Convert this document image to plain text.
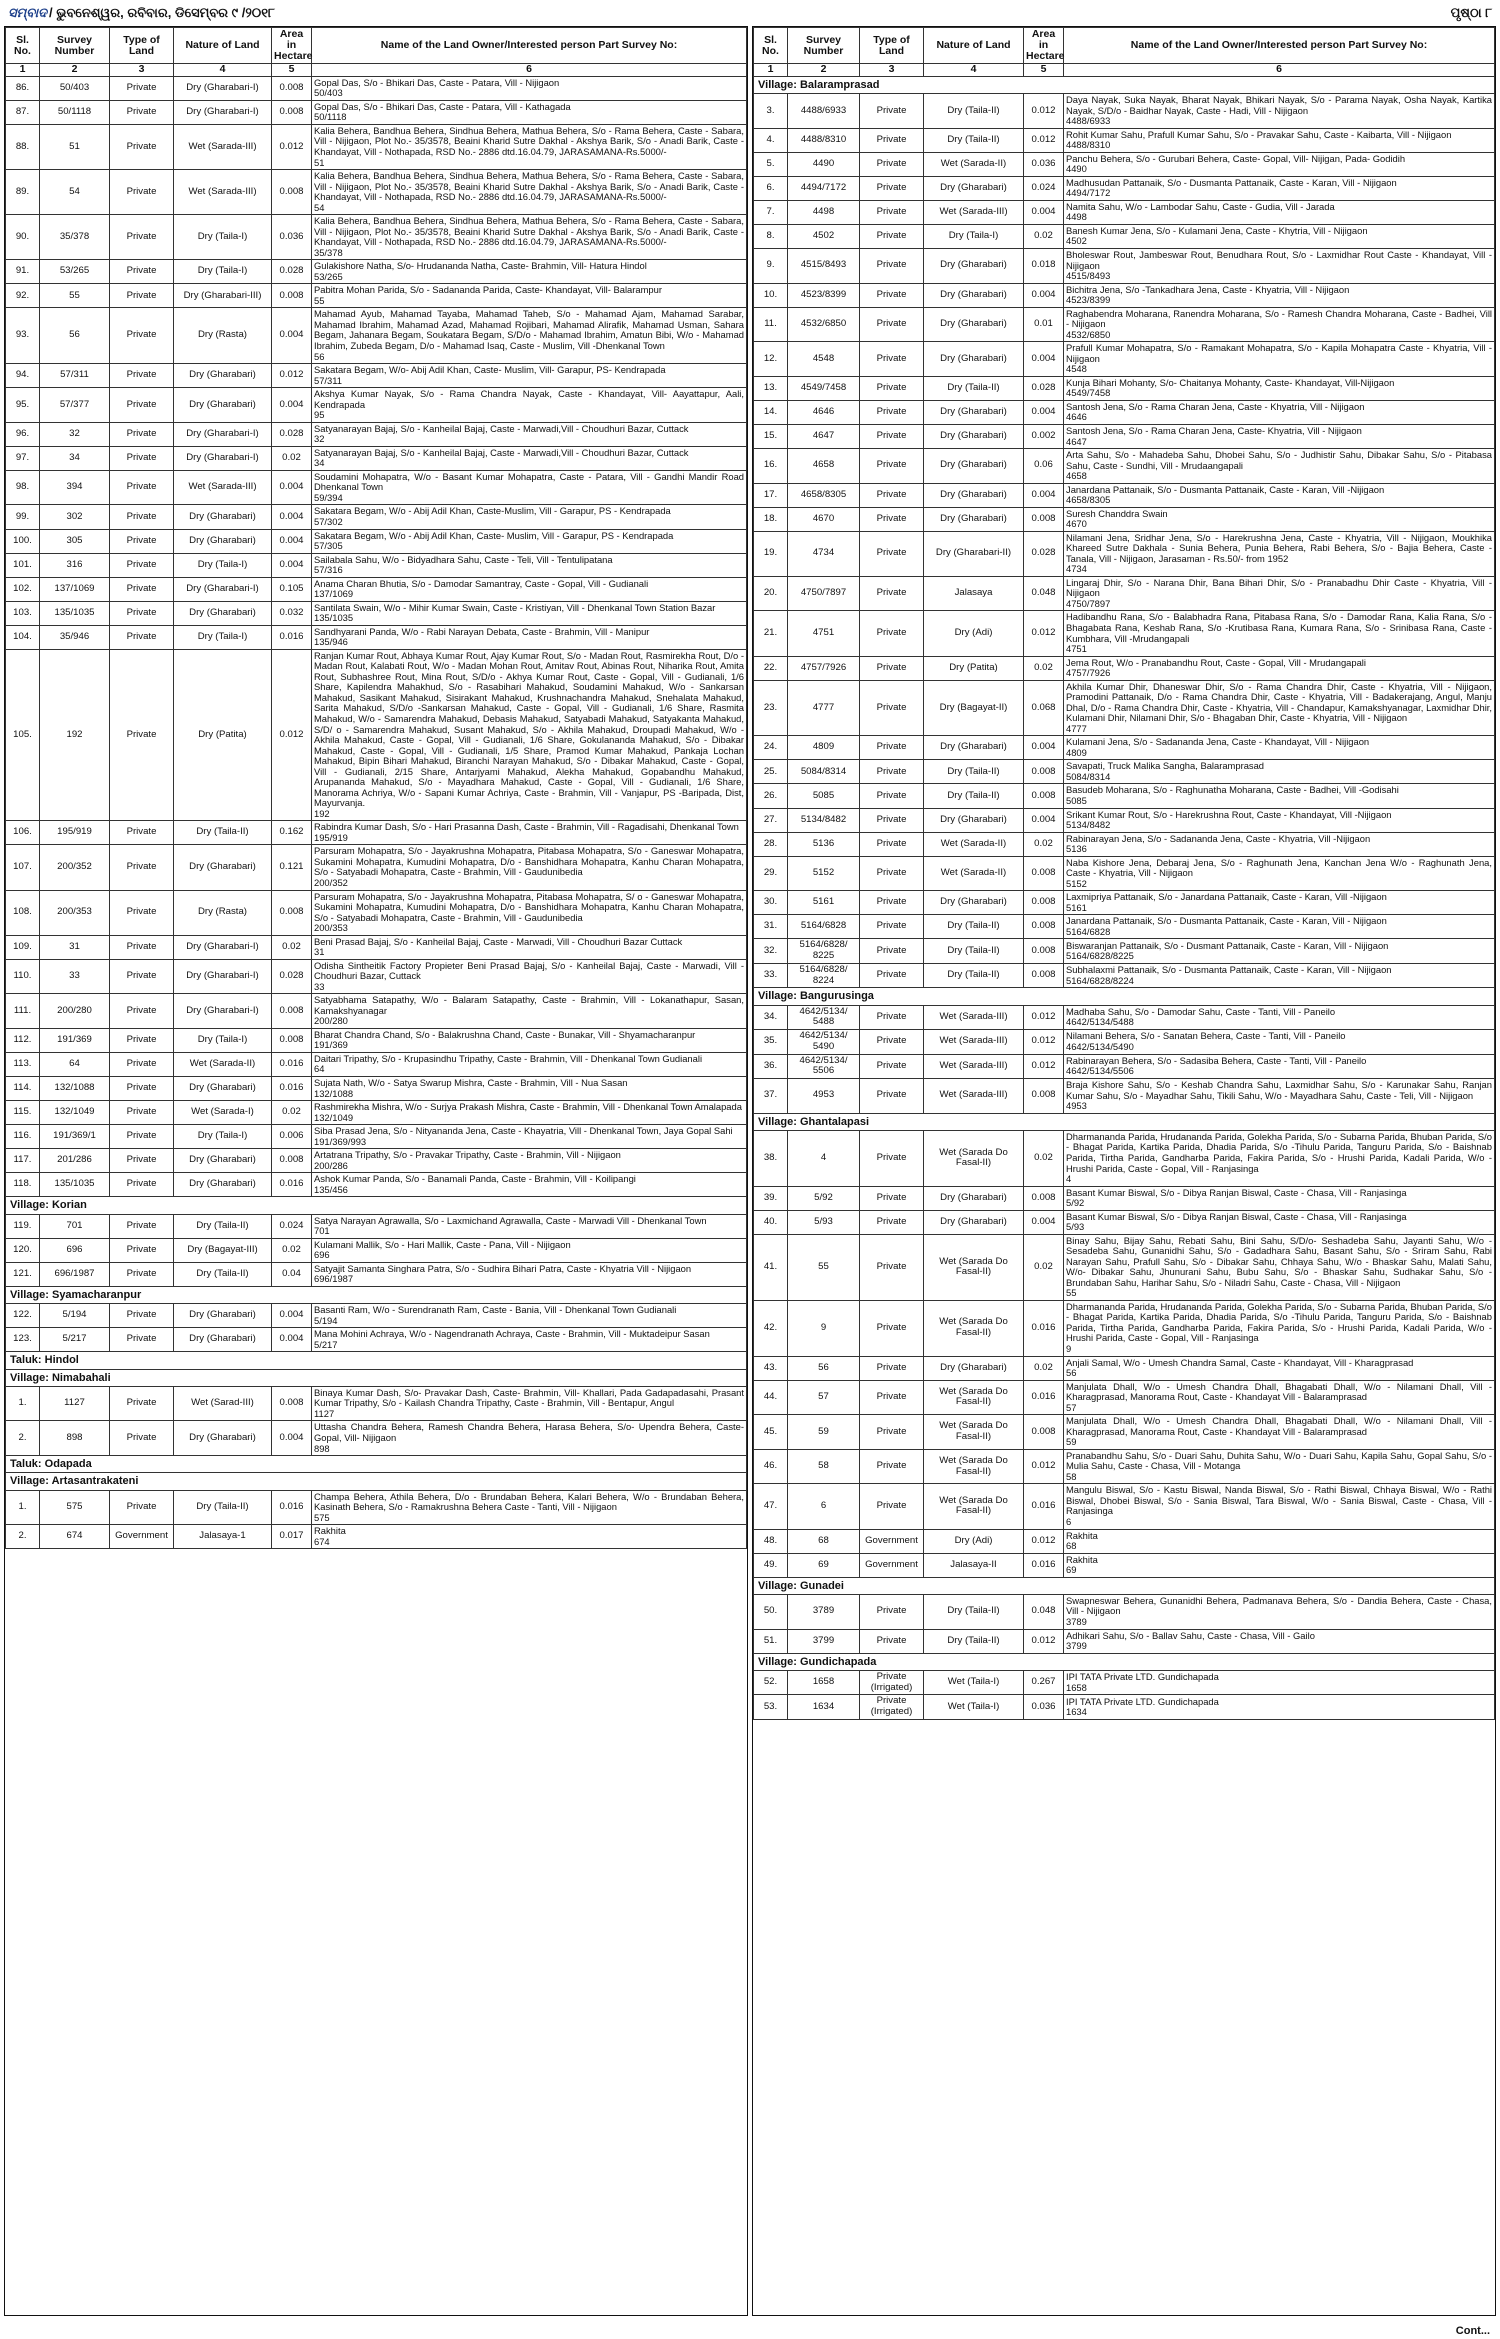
ସମ୍ବାଦ / ଭୁବନେଶ୍ୱର, ରବିବାର, ଡିସେମ୍ବର ୯ /୨୦୧୮	ପୃଷ୍ଠା ୮
Sl. No.	Survey Number	Type of Land	Nature of Land	Area in Hectare	Name of the Land Owner/Interested person Part Survey No:
1	2	3	4	5	6
86.	50/403	Private	Dry (Gharabari-I)	0.008	Gopal Das, S/o - Bhikari Das, Caste - Patara, Vill - Nijigaon
50/403

87.	50/1118	Private	Dry (Gharabari-I)	0.008	Gopal Das, S/o - Bhikari Das, Caste - Patara, Vill - Kathagada
50/1118

88.	51	Private	Wet (Sarada-III)	0.012	Kalia Behera, Bandhua Behera, Sindhua Behera, Mathua Behera, S/o - Rama Behera, Caste - Sabara, Vill - Nijigaon, Plot No.- 35/3578, Beaini Kharid Sutre Dakhal - Akshya Barik, S/o - Anadi Barik, Caste - Khandayat, Vill - Nothapada, RSD No.- 2886 dtd.16.04.79, JARASAMANA-Rs.5000/-
51

89.	54	Private	Wet (Sarada-III)	0.008	Kalia Behera, Bandhua Behera, Sindhua Behera, Mathua Behera, S/o - Rama Behera, Caste - Sabara, Vill - Nijigaon, Plot No.- 35/3578, Beaini Kharid Sutre Dakhal - Akshya Barik, S/o - Anadi Barik, Caste - Khandayat, Vill - Nothapada, RSD No.- 2886 dtd.16.04.79, JARASAMANA-Rs.5000/-
54

90.	35/378	Private	Dry (Taila-I)	0.036	Kalia Behera, Bandhua Behera, Sindhua Behera, Mathua Behera, S/o - Rama Behera, Caste - Sabara, Vill - Nijigaon, Plot No.- 35/3578, Beaini Kharid Sutre Dakhal - Akshya Barik, S/o - Anadi Barik, Caste - Khandayat, Vill - Nothapada, RSD No.- 2886 dtd.16.04.79, JARASAMANA-Rs.5000/-
35/378

91.	53/265	Private	Dry (Taila-I)	0.028	Gulakishore Natha, S/o- Hrudananda Natha, Caste- Brahmin, Vill- Hatura Hindol
53/265

92.	55	Private	Dry (Gharabari-III)	0.008	Pabitra Mohan Parida, S/o - Sadananda Parida, Caste- Khandayat, Vill- Balarampur
55

93.	56	Private	Dry (Rasta)	0.004	Mahamad Ayub, Mahamad Tayaba, Mahamad Taheb, S/o - Mahamad Ajam, Mahamad Sarabar, Mahamad Ibrahim, Mahamad Azad, Mahamad Rojibari, Mahamad Alirafik, Mahamad Usman, Sahara Begam, Jahanara Begam, Soukatara Begam, S/D/o - Mahamad Ibrahim, Amatun Bibi, W/o - Mahamad Ibrahim, Zubeda Begam, D/o - Mahamad Isaq, Caste - Muslim, Vill -Dhenkanal Town
56

94.	57/311	Private	Dry (Gharabari)	0.012	Sakatara Begam, W/o- Abij Adil Khan, Caste- Muslim, Vill- Garapur, PS- Kendrapada
57/311

95.	57/377	Private	Dry (Gharabari)	0.004	Akshya Kumar Nayak, S/o - Rama Chandra Nayak, Caste - Khandayat, Vill- Aayattapur, Aali, Kendrapada
95

96.	32	Private	Dry (Gharabari-I)	0.028	Satyanarayan Bajaj, S/o - Kanheilal Bajaj, Caste - Marwadi,Vill - Choudhuri Bazar, Cuttack
32

97.	34	Private	Dry (Gharabari-I)	0.02	Satyanarayan Bajaj, S/o - Kanheilal Bajaj, Caste - Marwadi,Vill - Choudhuri Bazar, Cuttack
34

98.	394	Private	Wet (Sarada-III)	0.004	Soudamini Mohapatra, W/o - Basant Kumar Mohapatra, Caste - Patara, Vill - Gandhi Mandir Road Dhenkanal Town
59/394

99.	302	Private	Dry (Gharabari)	0.004	Sakatara Begam, W/o - Abij Adil Khan, Caste-Muslim, Vill - Garapur, PS - Kendrapada
57/302

100.	305	Private	Dry (Gharabari)	0.004	Sakatara Begam, W/o - Abij Adil Khan, Caste- Muslim, Vill - Garapur, PS - Kendrapada
57/305

101.	316	Private	Dry (Taila-I)	0.004	Sailabala Sahu, W/o - Bidyadhara Sahu, Caste - Teli, Vill - Tentulipatana
57/316

102.	137/1069	Private	Dry (Gharabari-I)	0.105	Anama Charan Bhutia, S/o - Damodar Samantray, Caste - Gopal, Vill - Gudianali
137/1069

103.	135/1035	Private	Dry (Gharabari)	0.032	Santilata Swain, W/o - Mihir Kumar Swain, Caste - Kristiyan, Vill - Dhenkanal Town Station Bazar
135/1035

104.	35/946	Private	Dry (Taila-I)	0.016	Sandhyarani Panda, W/o - Rabi Narayan Debata, Caste - Brahmin, Vill - Manipur
135/946

105.	192	Private	Dry (Patita)	0.012	Ranjan Kumar Rout, Abhaya Kumar Rout, Ajay Kumar Rout, S/o - Madan Rout, Rasmirekha Rout, D/o - Madan Rout, Kalabati Rout, W/o - Madan Mohan Rout, Amitav Rout, Abinas Rout, Niharika Rout, Amita Rout, Subhashree Rout, Mina Rout, S/D/o - Akhya Kumar Rout, Caste - Gopal, Vill - Gudianali, 1/6 Share, Kapilendra Mahakhud, S/o - Rasabihari Mahakud, Soudamini Mahakud, W/o - Sankarsan Mahakud, Sasikant Mahakud, Sisirakant Mahakud, Krushnachandra Mahakud, Snehalata Mahakud, Sarita Mahakud, S/D/o -Sankarsan Mahakud, Caste - Gopal, Vill - Gudianali, 1/6 Share, Rasmita Mahakud, W/o - Samarendra Mahakud, Debasis Mahakud, Satyabadi Mahakud, Satyakanta Mahakud, S/D/ o - Samarendra Mahakud, Susant Mahakud, S/o - Akhila Mahakud, Droupadi Mahakud, W/o - Akhila Mahakud, Caste - Gopal, Vill - Gudianali, 1/6 Share, Gokulananda Mahakud, S/o - Dibakar Mahakud, Caste - Gopal, Vill - Gudianali, 1/5 Share, Pramod Kumar Mahakud, Pankaja Lochan Mahakud, Bipin Bihari Mahakud, Biranchi Narayan Mahakud, S/o - Dibakar Mahakud, Caste - Gopal, Vill - Gudianali, 2/15 Share, Antarjyami Mahakud, Alekha Mahakud, Gopabandhu Mahakud, Arupananda Mahakud, S/o - Mayadhara Mahakud, Caste - Gopal, Vill - Gudianali, 1/6 Share, Manorama Achriya, W/o - Sapani Kumar Achriya, Caste - Brahmin, Vill - Vanjapur, PS -Baripada, Dist, Mayurvanja.
192

106.	195/919	Private	Dry (Taila-II)	0.162	Rabindra Kumar Dash, S/o - Hari Prasanna Dash, Caste - Brahmin, Vill - Ragadisahi, Dhenkanal Town
195/919

107.	200/352	Private	Dry (Gharabari)	0.121	Parsuram Mohapatra, S/o - Jayakrushna Mohapatra, Pitabasa Mohapatra, S/o - Ganeswar Mohapatra, Sukamini Mohapatra, Kumudini Mohapatra, D/o - Banshidhara Mohapatra, Kanhu Charan Mohapatra, S/o - Satyabadi Mohapatra, Caste - Brahmin, Vill - Gaudunibedia
200/352

108.	200/353	Private	Dry (Rasta)	0.008	Parsuram Mohapatra, S/o - Jayakrushna Mohapatra, Pitabasa Mohapatra, S/ o - Ganeswar Mohapatra, Sukamini Mohapatra, Kumudini Mohapatra, D/o - Banshidhara Mohapatra, Kanhu Charan Mohapatra, S/o - Satyabadi Mohapatra, Caste - Brahmin, Vill - Gaudunibedia
200/353

109.	31	Private	Dry (Gharabari-I)	0.02	Beni Prasad Bajaj, S/o - Kanheilal Bajaj, Caste - Marwadi, Vill - Choudhuri Bazar Cuttack
31

110.	33	Private	Dry (Gharabari-I)	0.028	Odisha Sintheitik Factory Propieter Beni Prasad Bajaj, S/o - Kanheilal Bajaj, Caste - Marwadi, Vill - Choudhuri Bazar, Cuttack
33

111.	200/280	Private	Dry (Gharabari-I)	0.008	Satyabhama Satapathy, W/o - Balaram Satapathy, Caste - Brahmin, Vill - Lokanathapur, Sasan, Kamakshyanagar
200/280

112.	191/369	Private	Dry (Taila-I)	0.008	Bharat Chandra Chand, S/o - Balakrushna Chand, Caste - Bunakar, Vill - Shyamacharanpur
191/369

113.	64	Private	Wet (Sarada-II)	0.016	Daitari Tripathy, S/o - Krupasindhu Tripathy, Caste - Brahmin, Vill - Dhenkanal Town Gudianali
64

114.	132/1088	Private	Dry (Gharabari)	0.016	Sujata Nath, W/o - Satya Swarup Mishra, Caste - Brahmin, Vill - Nua Sasan
132/1088

115.	132/1049	Private	Wet (Sarada-I)	0.02	Rashmirekha Mishra, W/o - Surjya Prakash Mishra, Caste - Brahmin, Vill - Dhenkanal Town Amalapada
132/1049

116.	191/369/1	Private	Dry (Taila-I)	0.006	Siba Prasad Jena, S/o - Nityananda Jena, Caste - Khayatria, Vill - Dhenkanal Town, Jaya Gopal Sahi
191/369/993

117.	201/286	Private	Dry (Gharabari)	0.008	Artatrana Tripathy, S/o - Pravakar Tripathy, Caste - Brahmin, Vill - Nijigaon
200/286

118.	135/1035	Private	Dry (Gharabari)	0.016	Ashok Kumar Panda, S/o - Banamali Panda, Caste - Brahmin, Vill - Koilipangi
135/456

Village: Korian					
119.	701	Private	Dry (Taila-II)	0.024	Satya Narayan Agrawalla, S/o - Laxmichand Agrawalla, Caste - Marwadi Vill - Dhenkanal Town
701

120.	696	Private	Dry (Bagayat-III)	0.02	Kulamani Mallik, S/o - Hari Mallik, Caste - Pana, Vill - Nijigaon
696

121.	696/1987	Private	Dry (Taila-II)	0.04	Satyajit Samanta Singhara Patra, S/o - Sudhira Bihari Patra, Caste - Khyatria Vill - Nijigaon
696/1987

Village: Syamacharanpur					
122.	5/194	Private	Dry (Gharabari)	0.004	Basanti Ram, W/o - Surendranath Ram, Caste - Bania, Vill - Dhenkanal Town Gudianali
5/194

123.	5/217	Private	Dry (Gharabari)	0.004	Mana Mohini Achraya, W/o - Nagendranath Achraya, Caste - Brahmin, Vill - Muktadeipur Sasan
5/217

Taluk: Hindol					
Village: Nimabahali					
1.	1127	Private	Wet (Sarad-III)	0.008	Binaya Kumar Dash, S/o- Pravakar Dash, Caste- Brahmin, Vill- Khallari, Pada Gadapadasahi, Prasant Kumar Tripathy, S/o - Kailash Chandra Tripathy, Caste - Brahmin, Vill - Bentapur, Angul
1127

2.	898	Private	Dry (Gharabari)	0.004	Uttasha Chandra Behera, Ramesh Chandra Behera, Harasa Behera, S/o- Upendra Behera, Caste- Gopal, Vill- Nijigaon
898

Taluk: Odapada					
Village: Artasantrakateni					
1.	575	Private	Dry (Taila-II)	0.016	Champa Behera, Athila Behera, D/o - Brundaban Behera, Kalari Behera, W/o - Brundaban Behera, Kasinath Behera, S/o - Ramakrushna Behera Caste - Tanti, Vill - Nijigaon
575

2.	674	Government	Jalasaya-1	0.017	Rakhita
674
Sl. No.	Survey Number	Type of Land	Nature of Land	Area in Hectare	Name of the Land Owner/Interested person Part Survey No:
1	2	3	4	5	6
Village: Balaramprasad					
3.	4488/6933	Private	Dry (Taila-II)	0.012	Daya Nayak, Suka Nayak, Bharat Nayak, Bhikari Nayak, S/o - Parama Nayak, Osha Nayak, Kartika Nayak, S/D/o - Baidhar Nayak, Caste - Hadi, Vill - Nijigaon
4488/6933

4.	4488/8310	Private	Dry (Taila-II)	0.012	Rohit Kumar Sahu, Prafull Kumar Sahu, S/o - Pravakar Sahu, Caste - Kaibarta, Vill - Nijigaon
4488/8310

5.	4490	Private	Wet (Sarada-II)	0.036	Panchu Behera, S/o - Gurubari Behera, Caste- Gopal, Vill- Nijigan, Pada- Godidih
4490

6.	4494/7172	Private	Dry (Gharabari)	0.024	Madhusudan Pattanaik, S/o - Dusmanta Pattanaik, Caste - Karan, Vill - Nijigaon
4494/7172

7.	4498	Private	Wet (Sarada-III)	0.004	Namita Sahu, W/o - Lambodar Sahu, Caste - Gudia, Vill - Jarada
4498

8.	4502	Private	Dry (Taila-I)	0.02	Banesh Kumar Jena, S/o - Kulamani Jena, Caste - Khytria, Vill - Nijigaon
4502

9.	4515/8493	Private	Dry (Gharabari)	0.018	Bholeswar Rout, Jambeswar Rout, Benudhara Rout, S/o - Laxmidhar Rout Caste - Khandayat, Vill - Nijigaon
4515/8493

10.	4523/8399	Private	Dry (Gharabari)	0.004	Bichitra Jena, S/o -Tankadhara Jena, Caste - Khyatria, Vill - Nijigaon
4523/8399

11.	4532/6850	Private	Dry (Gharabari)	0.01	Raghabendra Moharana, Ranendra Moharana, S/o - Ramesh Chandra Moharana, Caste - Badhei, Vill - Nijigaon
4532/6850

12.	4548	Private	Dry (Gharabari)	0.004	Prafull Kumar Mohapatra, S/o - Ramakant Mohapatra, S/o - Kapila Mohapatra Caste - Khyatria, Vill - Nijigaon
4548

13.	4549/7458	Private	Dry (Taila-II)	0.028	Kunja Bihari Mohanty, S/o- Chaitanya Mohanty, Caste- Khandayat, Vill-Nijigaon
4549/7458

14.	4646	Private	Dry (Gharabari)	0.004	Santosh Jena, S/o - Rama Charan Jena, Caste - Khyatria, Vill - Nijigaon
4646

15.	4647	Private	Dry (Gharabari)	0.002	Santosh Jena, S/o - Rama Charan Jena, Caste- Khyatria, Vill - Nijigaon
4647

16.	4658	Private	Dry (Gharabari)	0.06	Arta Sahu, S/o - Mahadeba Sahu, Dhobei Sahu, S/o - Judhistir Sahu, Dibakar Sahu, S/o - Pitabasa Sahu, Caste - Sundhi, Vill - Mrudaangapali
4658

17.	4658/8305	Private	Dry (Gharabari)	0.004	Janardana Pattanaik, S/o - Dusmanta Pattanaik, Caste - Karan, Vill -Nijigaon
4658/8305

18.	4670	Private	Dry (Gharabari)	0.008	Suresh Chanddra Swain
4670

19.	4734	Private	Dry (Gharabari-II)	0.028	Nilamani Jena, Sridhar Jena, S/o - Harekrushna Jena, Caste - Khyatria, Vill - Nijigaon, Moukhika Khareed Sutre Dakhala - Sunia Behera, Punia Behera, Rabi Behera, S/o - Bajia Behera, Caste - Tanala, Vill - Nijigaon, Jarasaman - Rs.50/- from 1952
4734

20.	4750/7897	Private	Jalasaya	0.048	Lingaraj Dhir, S/o - Narana Dhir, Bana Bihari Dhir, S/o - Pranabadhu Dhir Caste - Khyatria, Vill - Nijigaon
4750/7897

21.	4751	Private	Dry (Adi)	0.012	Hadibandhu Rana, S/o - Balabhadra Rana, Pitabasa Rana, S/o - Damodar Rana, Kalia Rana, S/o - Bhagabata Rana, Keshab Rana, S/o -Krutibasa Rana, Kumara Rana, S/o - Srinibasa Rana, Caste - Kumbhara, Vill -Mrudangapali
4751

22.	4757/7926	Private	Dry (Patita)	0.02	Jema Rout, W/o - Pranabandhu Rout, Caste - Gopal, Vill - Mrudangapali
4757/7926

23.	4777	Private	Dry (Bagayat-II)	0.068	Akhila Kumar Dhir, Dhaneswar Dhir, S/o - Rama Chandra Dhir, Caste - Khyatria, Vill - Nijigaon, Pramodini Pattanaik, D/o - Rama Chandra Dhir, Caste - Khyatria, Vill - Badakerajang, Angul, Manju Dhal, D/o - Rama Chandra Dhir, Caste - Khyatria, Vill - Chandapur, Kamakshyanagar, Laxmidhar Dhir, Kulamani Dhir, Nilamani Dhir, S/o - Bhagaban Dhir, Caste - Khyatria, Vill - Nijigaon
4777

24.	4809	Private	Dry (Gharabari)	0.004	Kulamani Jena, S/o - Sadananda Jena, Caste - Khandayat, Vill - Nijigaon
4809

25.	5084/8314	Private	Dry (Taila-II)	0.008	Savapati, Truck Malika Sangha, Balaramprasad
5084/8314

26.	5085	Private	Dry (Taila-II)	0.008	Basudeb Moharana, S/o - Raghunatha Moharana, Caste - Badhei, Vill -Godisahi
5085

27.	5134/8482	Private	Dry (Gharabari)	0.004	Srikant Kumar Rout, S/o - Harekrushna Rout, Caste - Khandayat, Vill -Nijigaon
5134/8482

28.	5136	Private	Wet (Sarada-II)	0.02	Rabinarayan Jena, S/o - Sadananda Jena, Caste - Khyatria, Vill -Nijigaon
5136

29.	5152	Private	Wet (Sarada-II)	0.008	Naba Kishore Jena, Debaraj Jena, S/o - Raghunath Jena, Kanchan Jena W/o - Raghunath Jena, Caste - Khyatria, Vill - Nijigaon
5152

30.	5161	Private	Dry (Gharabari)	0.008	Laxmipriya Pattanaik, S/o - Janardana Pattanaik, Caste - Karan, Vill -Nijigaon
5161

31.	5164/6828	Private	Dry (Taila-II)	0.008	Janardana Pattanaik, S/o - Dusmanta Pattanaik, Caste - Karan, Vill - Nijigaon
5164/6828

32.	5164/6828/ 8225	Private	Dry (Taila-II)	0.008	Biswaranjan Pattanaik, S/o - Dusmant Pattanaik, Caste - Karan, Vill - Nijigaon
5164/6828/8225

33.	5164/6828/ 8224	Private	Dry (Taila-II)	0.008	Subhalaxmi Pattanaik, S/o - Dusmanta Pattanaik, Caste - Karan, Vill - Nijigaon
5164/6828/8224

Village: Bangurusinga					
34.	4642/5134/ 5488	Private	Wet (Sarada-III)	0.012	Madhaba Sahu, S/o - Damodar Sahu, Caste - Tanti, Vill - Paneilo
4642/5134/5488

35.	4642/5134/ 5490	Private	Wet (Sarada-III)	0.012	Nilamani Behera, S/o - Sanatan Behera, Caste - Tanti, Vill - Paneilo
4642/5134/5490

36.	4642/5134/ 5506	Private	Wet (Sarada-III)	0.012	Rabinarayan Behera, S/o - Sadasiba Behera, Caste - Tanti, Vill - Paneilo
4642/5134/5506

37.	4953	Private	Wet (Sarada-III)	0.008	Braja Kishore Sahu, S/o - Keshab Chandra Sahu, Laxmidhar Sahu, S/o - Karunakar Sahu, Ranjan Kumar Sahu, S/o - Mayadhar Sahu, Tikili Sahu, W/o - Mayadhara Sahu, Caste - Teli, Vill - Nijigaon
4953

Village: Ghantalapasi					
38.	4	Private	Wet (Sarada Do Fasal-II)	0.02	Dharmananda Parida, Hrudananda Parida, Golekha Parida, S/o - Subarna Parida, Bhuban Parida, S/o - Bhagat Parida, Kartika Parida, Dhadia Parida, S/o -Tihulu Parida, Tanguru Parida, S/o - Baishnab Parida, Tirtha Parida, Gandharba Parida, Fakira Parida, S/o - Hrushi Parida, Kadali Parida, W/o - Hrushi Parida, Caste - Gopal, Vill - Ranjasinga
4

39.	5/92	Private	Dry (Gharabari)	0.008	Basant Kumar Biswal, S/o - Dibya Ranjan Biswal, Caste - Chasa, Vill - Ranjasinga
5/92

40.	5/93	Private	Dry (Gharabari)	0.004	Basant Kumar Biswal, S/o - Dibya Ranjan Biswal, Caste - Chasa, Vill - Ranjasinga
5/93

41.	55	Private	Wet (Sarada Do Fasal-II)	0.02	Binay Sahu, Bijay Sahu, Rebati Sahu, Bini Sahu, S/D/o- Seshadeba Sahu, Jayanti Sahu, W/o - Sesadeba Sahu, Gunanidhi Sahu, S/o - Gadadhara Sahu, Basant Sahu, S/o - Sriram Sahu, Rabi Narayan Sahu, Prafull Sahu, S/o - Dibakar Sahu, Chhaya Sahu, W/o - Bhaskar Sahu, Malati Sahu, W/o- Dibakar Sahu, Jhunurani Sahu, Bubu Sahu, S/o - Bhaskar Sahu, Sudhakar Sahu, S/o - Brundaban Sahu, Harihar Sahu, S/o - Niladri Sahu, Caste - Chasa, Vill - Nijigaon
55

42.	9	Private	Wet (Sarada Do Fasal-II)	0.016	Dharmananda Parida, Hrudananda Parida, Golekha Parida, S/o - Subarna Parida, Bhuban Parida, S/o - Bhagat Parida, Kartika Parida, Dhadia Parida, S/o -Tihulu Parida, Tanguru Parida, S/o - Baishnab Parida, Tirtha Parida, Gandharba Parida, Fakira Parida, S/o - Hrushi Parida, Kadali Parida, W/o - Hrushi Parida, Caste - Gopal, Vill - Ranjasinga
9

43.	56	Private	Dry (Gharabari)	0.02	Anjali Samal, W/o - Umesh Chandra Samal, Caste - Khandayat, Vill - Kharagprasad
56

44.	57	Private	Wet (Sarada Do Fasal-II)	0.016	Manjulata Dhall, W/o - Umesh Chandra Dhall, Bhagabati Dhall, W/o - Nilamani Dhall, Vill - Kharagprasad, Manorama Rout, Caste - Khandayat Vill - Balaramprasad
57

45.	59	Private	Wet (Sarada Do Fasal-II)	0.008	Manjulata Dhall, W/o - Umesh Chandra Dhall, Bhagabati Dhall, W/o - Nilamani Dhall, Vill - Kharagprasad, Manorama Rout, Caste - Khandayat Vill - Balaramprasad
59

46.	58	Private	Wet (Sarada Do Fasal-II)	0.012	Pranabandhu Sahu, S/o - Duari Sahu, Duhita Sahu, W/o - Duari Sahu, Kapila Sahu, Gopal Sahu, S/o - Mulia Sahu, Caste - Chasa, Vill - Motanga
58

47.	6	Private	Wet (Sarada Do Fasal-II)	0.016	Mangulu Biswal, S/o - Kastu Biswal, Nanda Biswal, S/o - Rathi Biswal, Chhaya Biswal, W/o - Rathi Biswal, Dhobei Biswal, S/o - Sania Biswal, Tara Biswal, W/o - Sania Biswal, Caste - Chasa, Vill - Ranjasinga
6

48.	68	Government	Dry (Adi)	0.012	Rakhita
68

49.	69	Government	Jalasaya-II	0.016	Rakhita
69

Village: Gunadei					
50.	3789	Private	Dry (Taila-II)	0.048	Swapneswar Behera, Gunanidhi Behera, Padmanava Behera, S/o - Dandia Behera, Caste - Chasa, Vill - Nijigaon
3789

51.	3799	Private	Dry (Taila-II)	0.012	Adhikari Sahu, S/o - Ballav Sahu, Caste - Chasa, Vill - Gailo
3799

Village: Gundichapada					
52.	1658	Private (Irrigated)	Wet (Taila-I)	0.267	IPI TATA Private LTD. Gundichapada
1658

53.	1634	Private (Irrigated)	Wet (Taila-I)	0.036	IPI TATA Private LTD. Gundichapada
1634
Cont...
